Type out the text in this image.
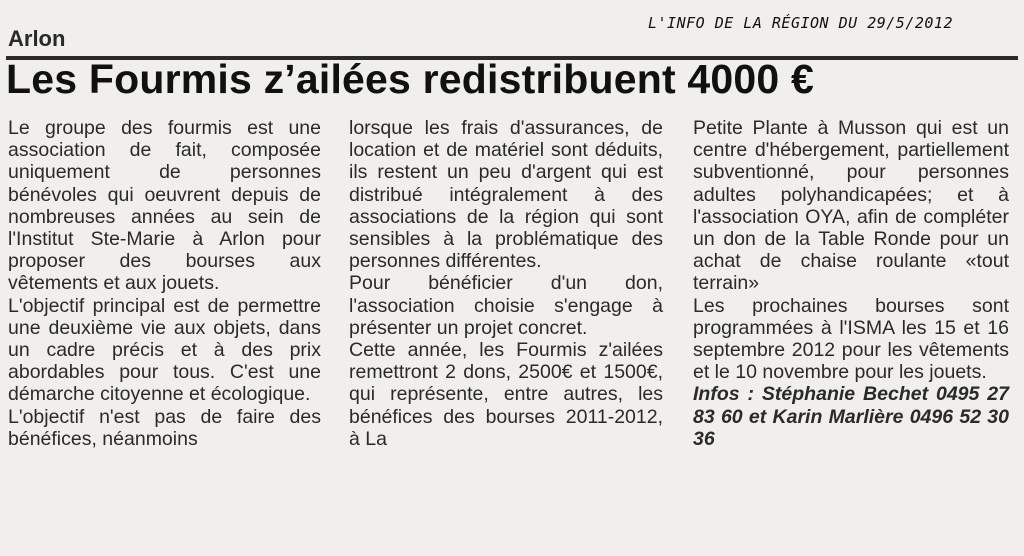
L'INFO DE LA RÉGION DU 29/5/2012
Arlon
Les Fourmis z’ailées redistribuent 4000 €

Le groupe des fourmis est une association de fait, composée uniquement de personnes bénévoles qui oeuvrent depuis de nombreuses années au sein de l'Institut Ste-Marie à Arlon pour proposer des bourses aux vêtements et aux jouets.

L'objectif principal est de permettre une deuxième vie aux objets, dans un cadre précis et à des prix abordables pour tous. C'est une démarche citoyenne et écologique.

L'objectif n'est pas de faire des bénéfices, néanmoins

lorsque les frais d'assurances, de location et de matériel sont déduits, ils restent un peu d'argent qui est distribué intégralement à des associations de la région qui sont sensibles à la problématique des personnes différentes.

Pour bénéficier d'un don, l'association choisie s'engage à présenter un projet concret.

Cette année, les Fourmis z'ailées remettront 2 dons, 2500€ et 1500€, qui représente, entre autres, les bénéfices des bourses 2011-2012, à La

Petite Plante à Musson qui est un centre d'hébergement, partiellement subventionné, pour personnes adultes polyhandicapées; et à l'association OYA, afin de compléter un don de la Table Ronde pour un achat de chaise roulante «tout terrain»

Les prochaines bourses sont programmées à l'ISMA les 15 et 16 septembre 2012 pour les vêtements et le 10 novembre pour les jouets.

Infos : Stéphanie Bechet 0495 27 83 60 et Karin Marlière 0496 52 30 36
